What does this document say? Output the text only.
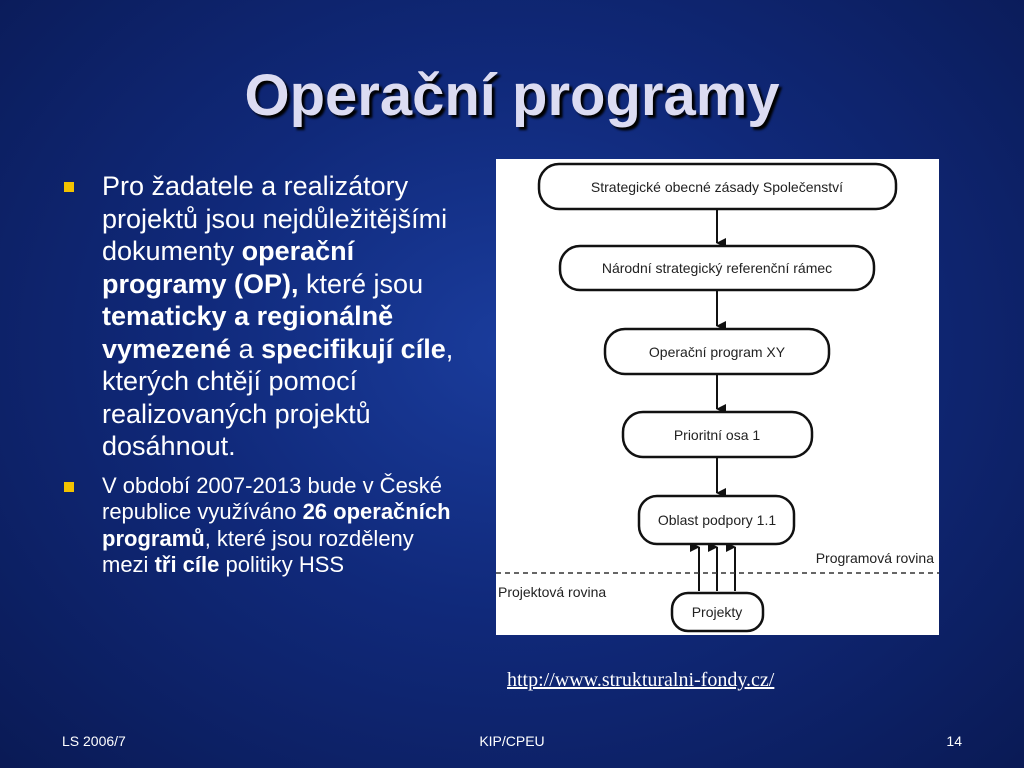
Operační programy
Pro žadatele a realizátory projektů jsou nejdůležitějšími dokumenty operační programy (OP), které jsou tematicky a regionálně vymezené a specifikují cíle, kterých chtějí pomocí realizovaných projektů dosáhnout.
V období 2007-2013 bude v České republice využíváno 26 operačních programů, které jsou rozděleny mezi tři cíle politiky HSS	Programová rovina
Projektová rovina
Strategické obecné zásady Společenství
Národní strategický referenční rámec
Operační program XY
Prioritní osa 1
Oblast podpory 1.1
Projekty
http://www.strukturalni-fondy.cz/
LS 2006/7	KIP/CPEU	14
